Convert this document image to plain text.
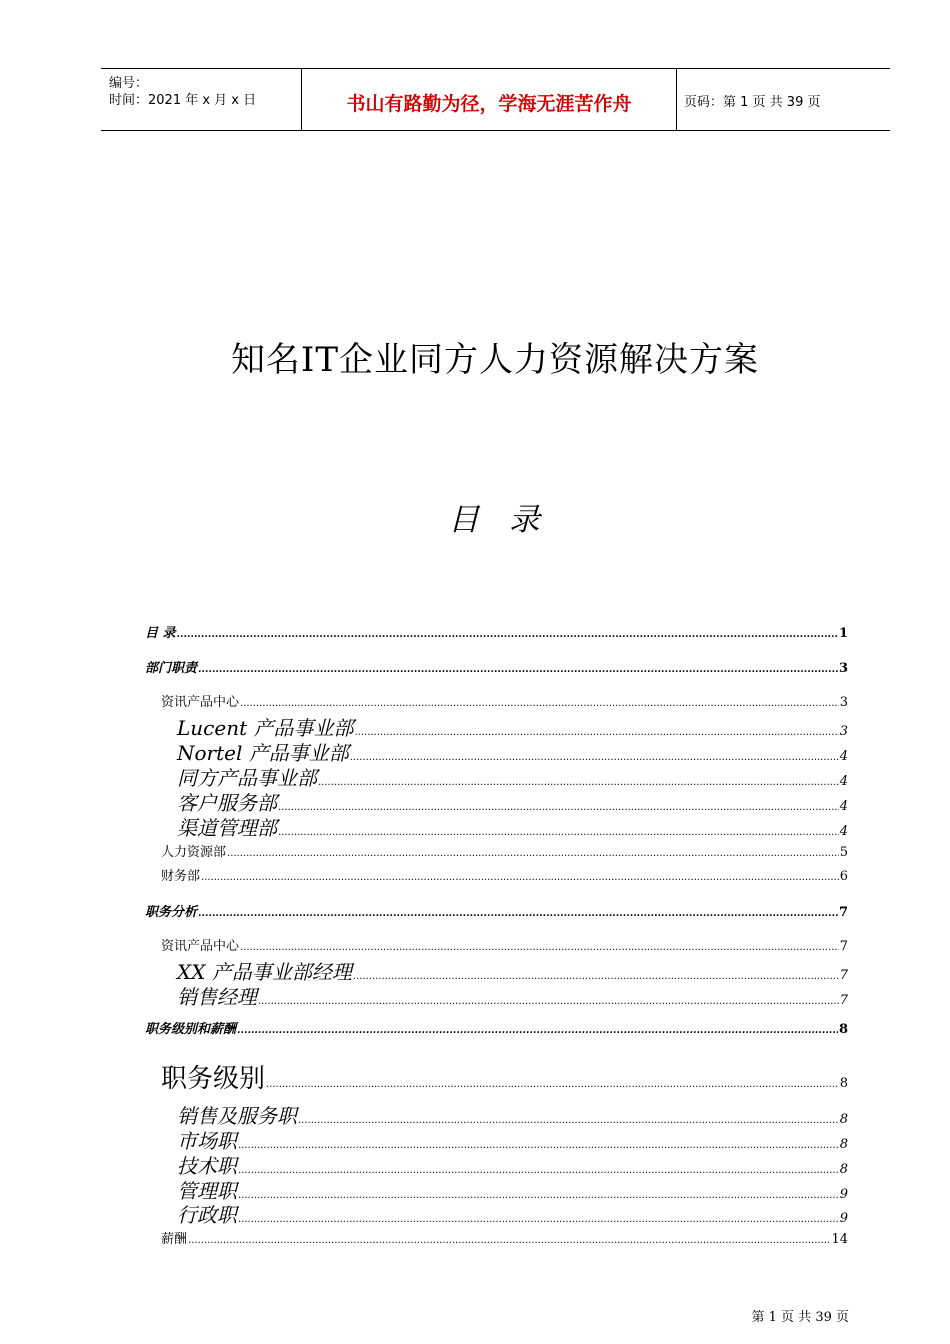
编号：
时间：2021 年 x 月 x 日	书山有路勤为径，学海无涯苦作舟	页码：第 1 页 共 39 页
知名IT企业同方人力资源解决方案
目 录
目 录 .....	1
部门职责 .....	3
资讯产品中心 .....	3
Lucent 产品事业部 .....	3
Nortel 产品事业部 .....	4
同方产品事业部 .....	4
客户服务部 .....	4
渠道管理部 .....	4
人力资源部 .....	5
财务部 .....	6
职务分析 .....	7
资讯产品中心 .....	7
XX 产品事业部经理 .....	7
销售经理 .....	7
职务级别和薪酬 .....	8
职务级别 .....	8
销售及服务职 .....	8
市场职 .....	8
技术职 .....	8
管理职 .....	9
行政职 .....	9
薪酬 .....	14
第 1 页 共 39 页
